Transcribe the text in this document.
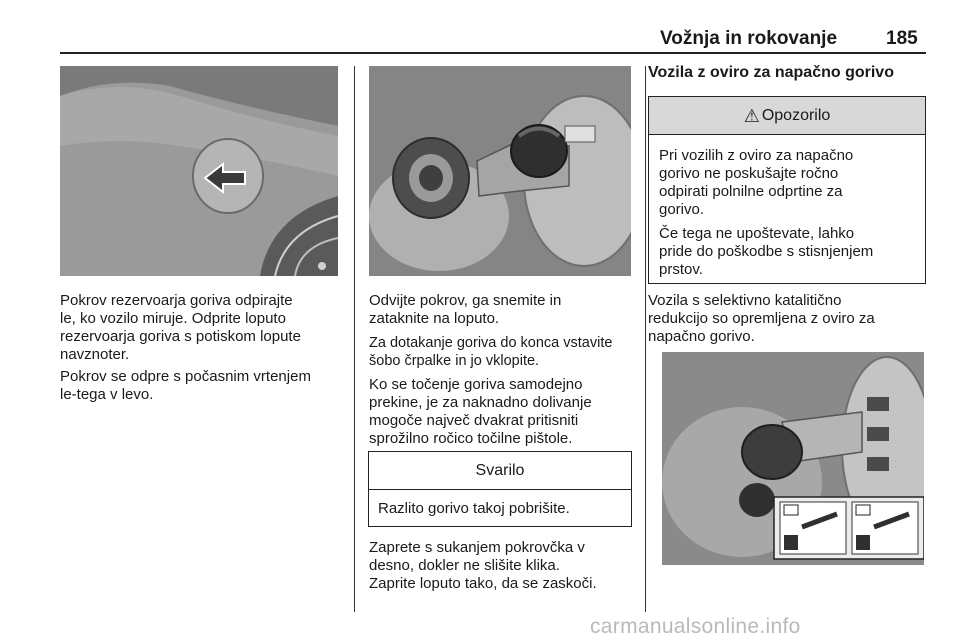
Vožnja in rokovanje	185
Pokrov rezervoarja goriva odpirajte
le, ko vozilo miruje. Odprite loputo
rezervoarja goriva s potiskom lopute
navznoter.
Pokrov se odpre s počasnim vrtenjem
le-tega v levo.
Odvijte pokrov, ga snemite in
zataknite na loputo.
Za dotakanje goriva do konca vstavite
šobo črpalke in jo vklopite.
Ko se točenje goriva samodejno
prekine, je za naknadno dolivanje
mogoče največ dvakrat pritisniti
sprožilno ročico točilne pištole.
Svarilo
Razlito gorivo takoj pobrišite.
Zaprete s sukanjem pokrovčka v
desno, dokler ne slišite klika.
Zaprite loputo tako, da se zaskoči.
Vozila z oviro za napačno gorivo
⚠ Opozorilo
Pri vozilih z oviro za napačno
gorivo ne poskušajte ročno
odpirati polnilne odprtine za
gorivo.
Če tega ne upoštevate, lahko
pride do poškodbe s stisnjenjem
prstov.
Vozila s selektivno katalitično
redukcijo so opremljena z oviro za
napačno gorivo.
carmanualsonline.info
